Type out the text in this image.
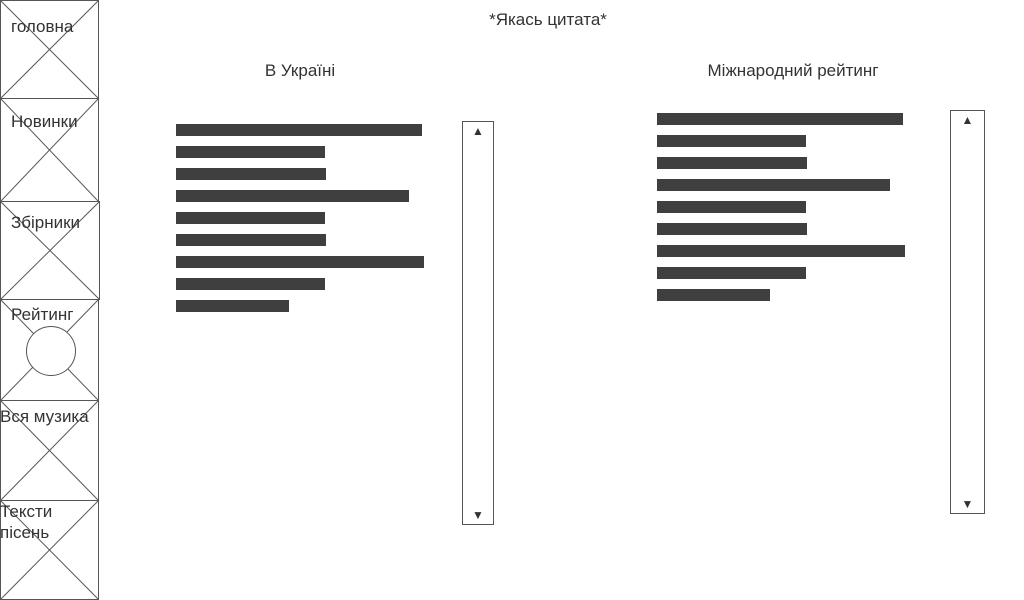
*Якась цитата*
головна
Новинки
Збірники
Рейтинг
Вся музика
Тексти
пісень
В Україні
▲
▼
Міжнародний рейтинг
▲
▼
